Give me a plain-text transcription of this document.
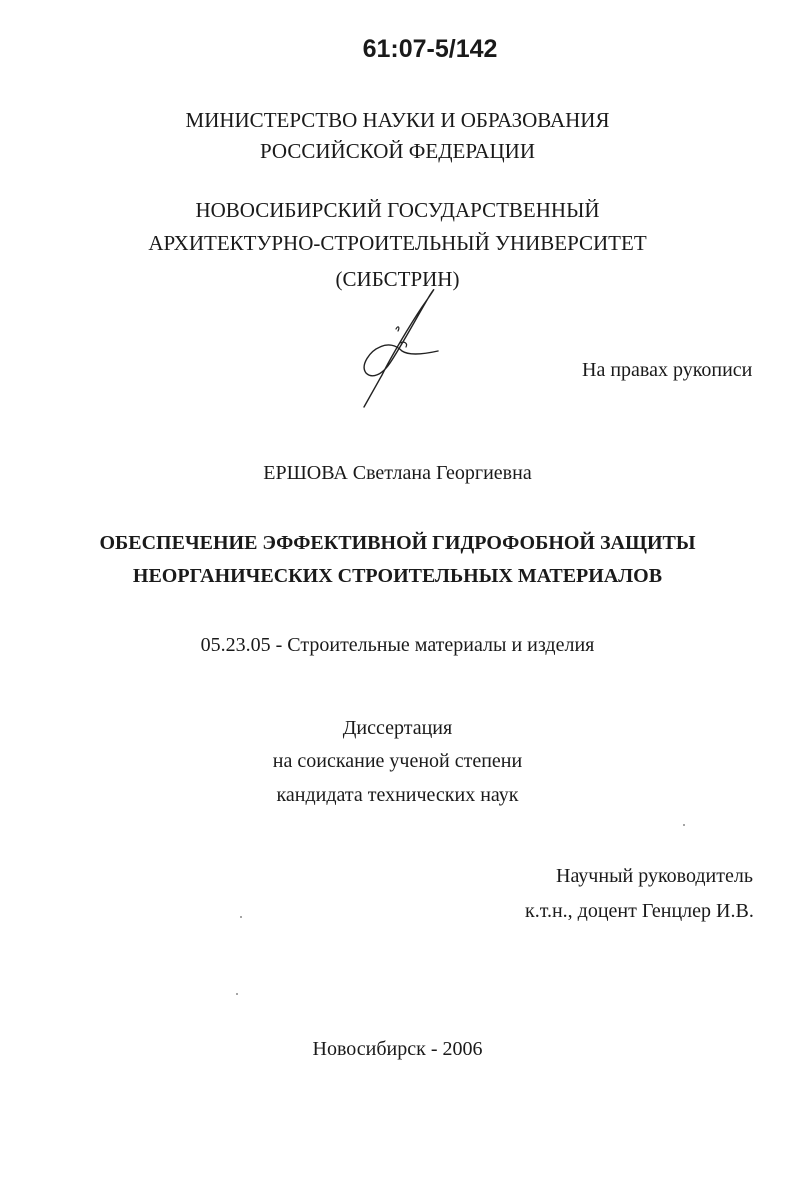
61:07-5/142
МИНИСТЕРСТВО НАУКИ И ОБРАЗОВАНИЯ
РОССИЙСКОЙ ФЕДЕРАЦИИ
НОВОСИБИРСКИЙ ГОСУДАРСТВЕННЫЙ
АРХИТЕКТУРНО-СТРОИТЕЛЬНЫЙ УНИВЕРСИТЕТ
(СИБСТРИН)
На правах рукописи
ЕРШОВА Светлана Георгиевна
ОБЕСПЕЧЕНИЕ ЭФФЕКТИВНОЙ ГИДРОФОБНОЙ ЗАЩИТЫ
НЕОРГАНИЧЕСКИХ СТРОИТЕЛЬНЫХ МАТЕРИАЛОВ
05.23.05 - Строительные материалы и изделия
Диссертация
на соискание ученой степени
кандидата технических наук
Научный руководитель
к.т.н., доцент Генцлер И.В.
Новосибирск - 2006
